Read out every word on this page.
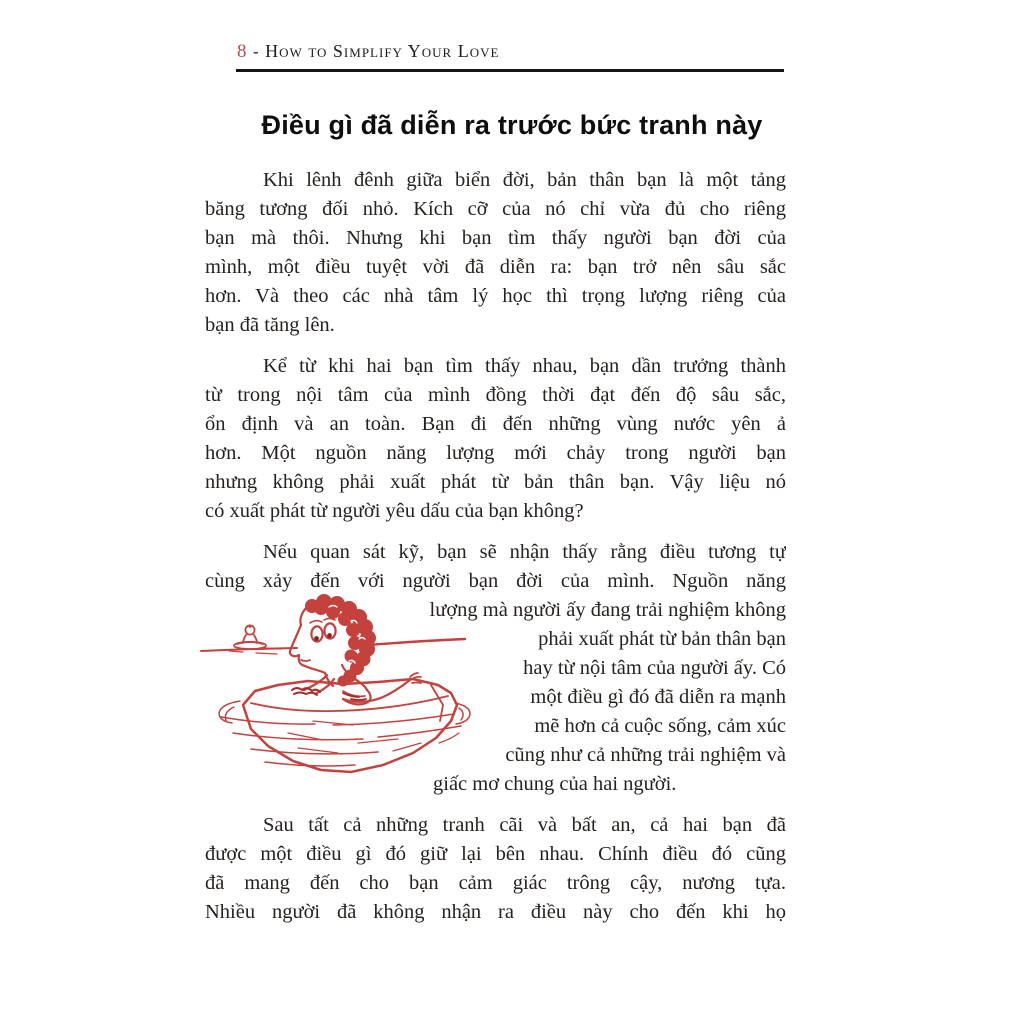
8 - How to Simplify Your Love
Điều gì đã diễn ra trước bức tranh này
Khi lênh đênh giữa biển đời, bản thân bạn là một tảng
băng tương đối nhỏ. Kích cỡ của nó chỉ vừa đủ cho riêng
bạn mà thôi. Nhưng khi bạn tìm thấy người bạn đời của
mình, một điều tuyệt vời đã diễn ra: bạn trở nên sâu sắc
hơn. Và theo các nhà tâm lý học thì trọng lượng riêng của
bạn đã tăng lên.
Kể từ khi hai bạn tìm thấy nhau, bạn dần trưởng thành
từ trong nội tâm của mình đồng thời đạt đến độ sâu sắc,
ổn định và an toàn. Bạn đi đến những vùng nước yên ả
hơn. Một nguồn năng lượng mới chảy trong người bạn
nhưng không phải xuất phát từ bản thân bạn. Vậy liệu nó
có xuất phát từ người yêu dấu của bạn không?
Nếu quan sát kỹ, bạn sẽ nhận thấy rằng điều tương tự
cùng xảy đến với người bạn đời của mình. Nguồn năng
lượng mà người ấy đang trải nghiệm không
phải xuất phát từ bản thân bạn
hay từ nội tâm của người ấy. Có
một điều gì đó đã diễn ra mạnh
mẽ hơn cả cuộc sống, cảm xúc
cũng như cả những trải nghiệm và
giấc mơ chung của hai người.
Sau tất cả những tranh cãi và bất an, cả hai bạn đã
được một điều gì đó giữ lại bên nhau. Chính điều đó cũng
đã mang đến cho bạn cảm giác trông cậy, nương tựa.
Nhiều người đã không nhận ra điều này cho đến khi họ
